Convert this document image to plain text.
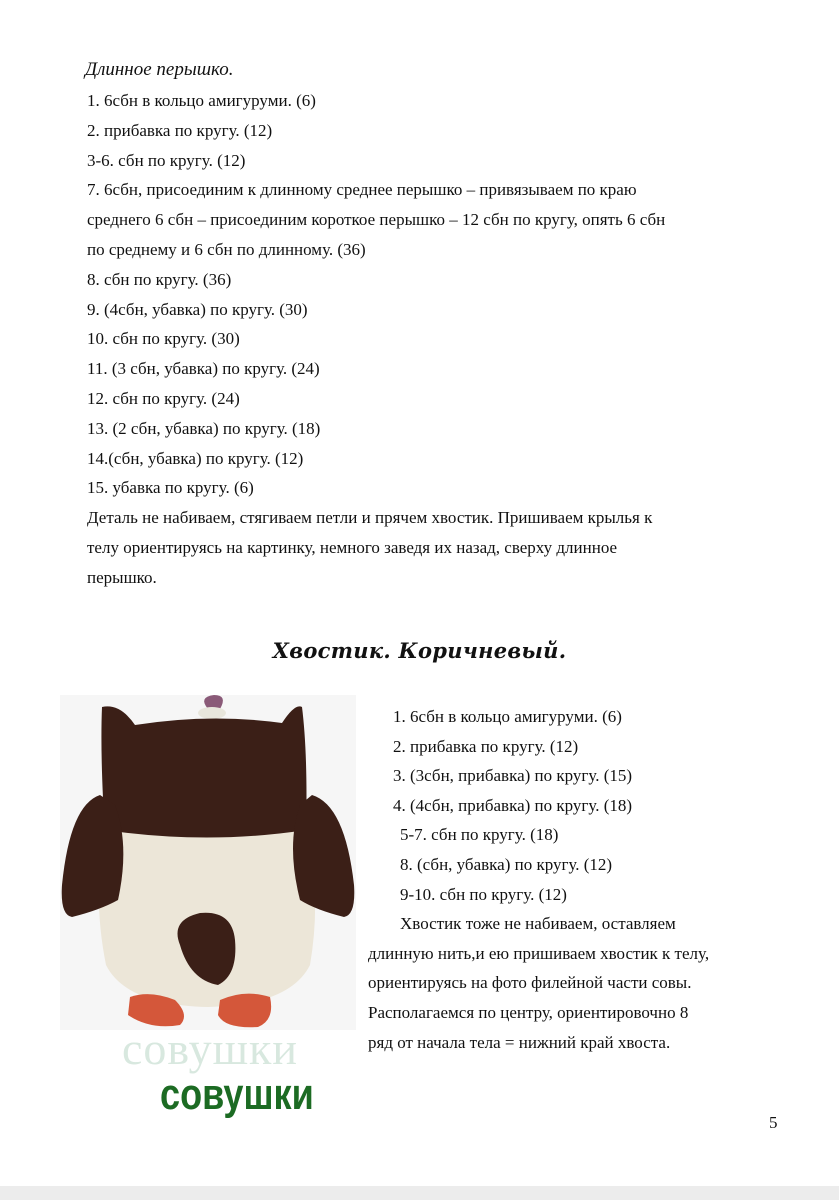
Длинное перышко.
1. 6сбн в кольцо амигуруми. (6)
2. прибавка по кругу. (12)
3-6. сбн по кругу. (12)
7. 6сбн, присоединим к длинному среднее перышко – привязываем по краю
среднего 6 сбн – присоединим короткое перышко – 12 сбн по кругу, опять 6 сбн
по среднему и 6 сбн по длинному. (36)
8. сбн по кругу. (36)
9. (4сбн, убавка) по кругу. (30)
10. сбн по кругу. (30)
11. (3 сбн, убавка) по кругу. (24)
12. сбн по кругу. (24)
13. (2 сбн, убавка) по кругу. (18)
14.(сбн, убавка) по кругу. (12)
15. убавка по кругу. (6)
Деталь не набиваем, стягиваем петли и прячем хвостик. Пришиваем крылья к
телу ориентируясь на картинку, немного заведя их назад, сверху длинное
перышко.
Хвостик. Коричневый.
1. 6сбн в кольцо амигуруми. (6)
2. прибавка по кругу. (12)
3. (3сбн, прибавка) по кругу. (15)
4. (4сбн, прибавка) по кругу. (18)
5-7. сбн по кругу. (18)
8. (сбн, убавка) по кругу. (12)
9-10. сбн по кругу. (12)
Хвостик тоже не набиваем, оставляем
длинную нить,и ею пришиваем хвостик к телу,
ориентируясь на фото филейной части совы.
Располагаемся по центру, ориентировочно 8
ряд от начала тела = нижний край хвоста.
совушки
совушки
5
